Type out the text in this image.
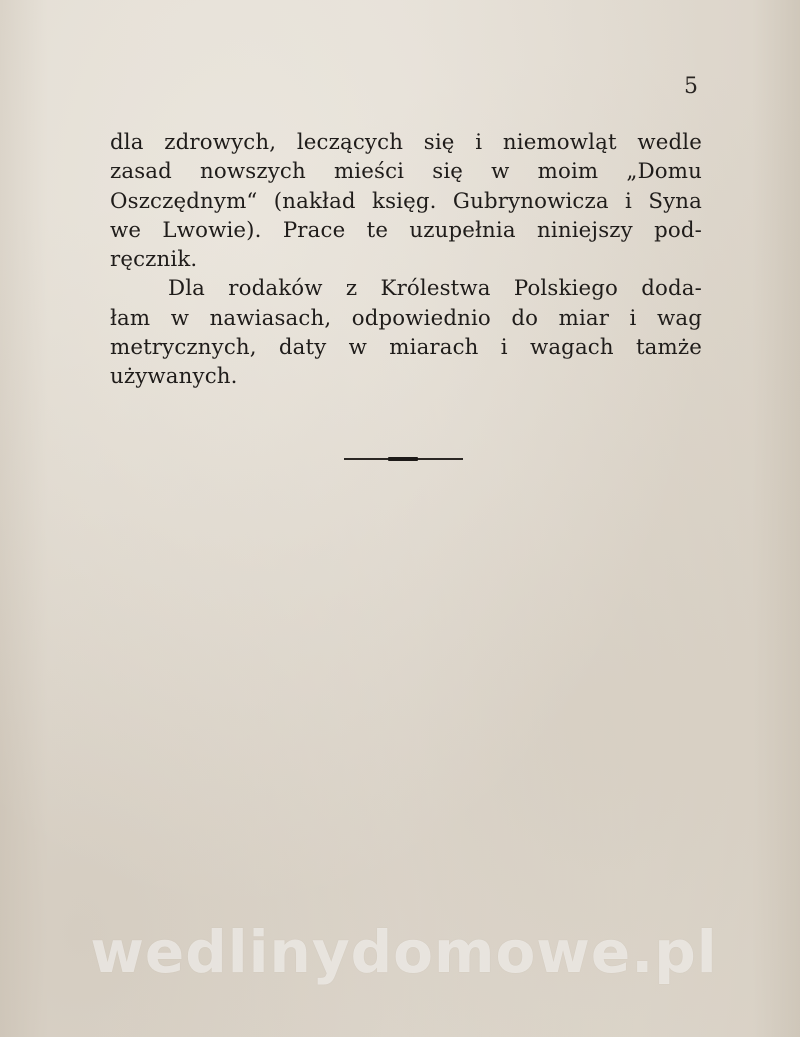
5
dla zdrowych, leczących się i niemowląt wedle
zasad nowszych mieści się w moim „Domu
Oszczędnym“ (nakład księg. Gubrynowicza i Syna
we Lwowie). Prace te uzupełnia niniejszy pod-
ręcznik.
Dla rodaków z Królestwa Polskiego doda-
łam w nawiasach, odpowiednio do miar i wag
metrycznych, daty w miarach i wagach tamże
używanych.
wedlinydomowe.pl
